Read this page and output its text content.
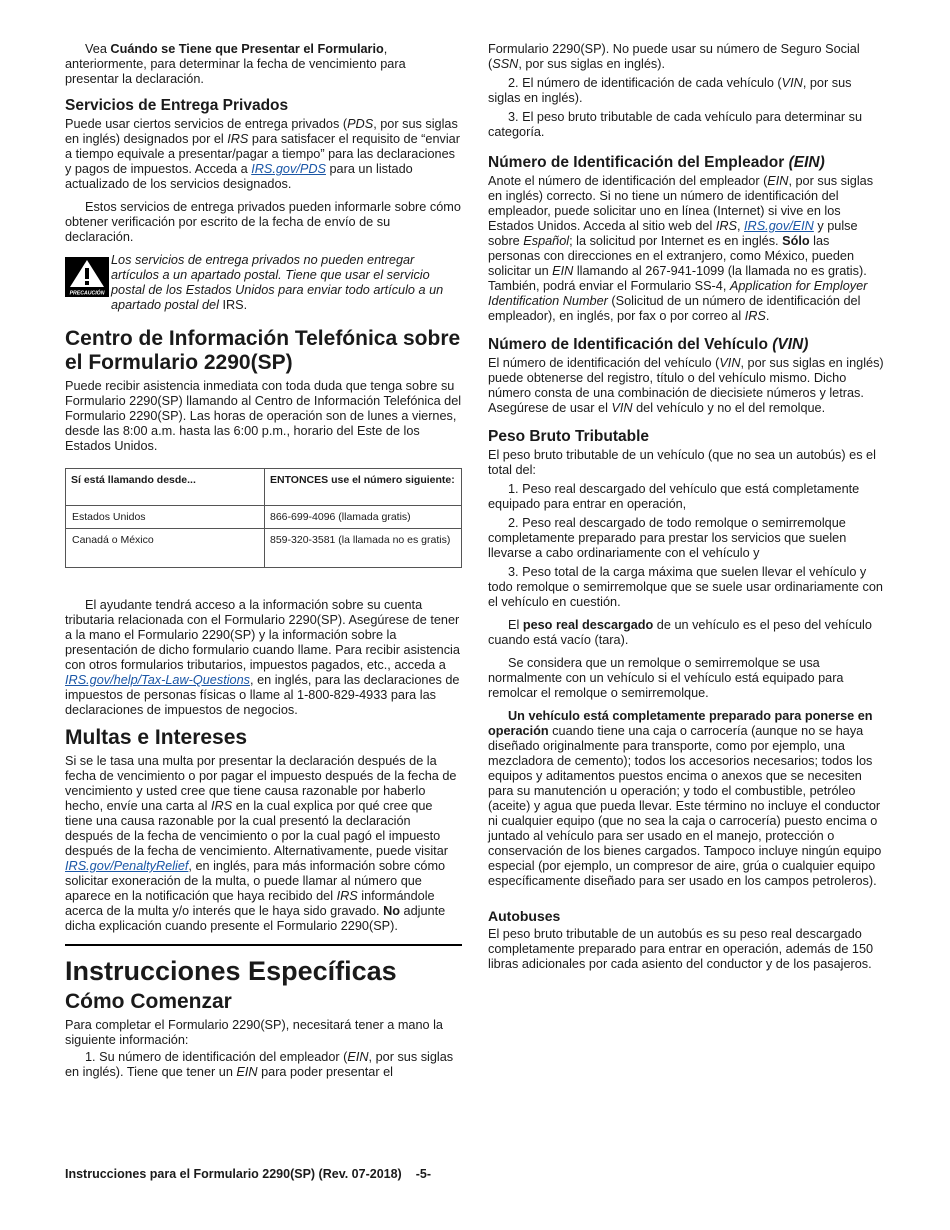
Vea Cuándo se Tiene que Presentar el Formulario, anteriormente, para determinar la fecha de vencimiento para presentar la declaración.

Servicios de Entrega Privados

Puede usar ciertos servicios de entrega privados (PDS, por sus siglas en inglés) designados por el IRS para satisfacer el requisito de “enviar a tiempo equivale a presentar/pagar a tiempo” para las declaraciones y pagos de impuestos. Acceda a IRS.gov/PDS para un listado actualizado de los servicios designados.

Estos servicios de entrega privados pueden informarle sobre cómo obtener verificación por escrito de la fecha de envío de su declaración.

PRECAUCIÓN
Los servicios de entrega privados no pueden entregar artículos a un apartado postal. Tiene que usar el servicio postal de los Estados Unidos para enviar todo artículo a un apartado postal del IRS.
Centro de Información Telefónica sobre el Formulario 2290(SP)

Puede recibir asistencia inmediata con toda duda que tenga sobre su Formulario 2290(SP) llamando al Centro de Información Telefónica del Formulario 2290(SP). Las horas de operación son de lunes a viernes, desde las 8:00 a.m. hasta las 6:00 p.m., horario del Este de los Estados Unidos.

Sí está llamando desde...	ENTONCES use el número siguiente:
Estados Unidos	866-699-4096 (llamada gratis)
Canadá o México	859-320-3581 (la llamada no es gratis)

El ayudante tendrá acceso a la información sobre su cuenta tributaria relacionada con el Formulario 2290(SP). Asegúrese de tener a la mano el Formulario 2290(SP) y la información sobre la presentación de dicho formulario cuando llame. Para recibir asistencia con otros formularios tributarios, impuestos pagados, etc., acceda a IRS.gov/help/Tax-Law-Questions, en inglés, para las declaraciones de impuestos de personas físicas o llame al 1-800-829-4933 para las declaraciones de impuestos de negocios.

Multas e Intereses

Si se le tasa una multa por presentar la declaración después de la fecha de vencimiento o por pagar el impuesto después de la fecha de vencimiento y usted cree que tiene causa razonable por haberlo hecho, envíe una carta al IRS en la cual explica por qué cree que tiene una causa razonable por la cual presentó la declaración después de la fecha de vencimiento o por la cual pagó el impuesto después de la fecha de vencimiento. Alternativamente, puede visitar IRS.gov/PenaltyRelief, en inglés, para más información sobre cómo solicitar exoneración de la multa, o puede llamar al número que aparece en la notificación que haya recibido del IRS informándole acerca de la multa y/o interés que le haya sido gravado. No adjunte dicha explicación cuando presente el Formulario 2290(SP).

Instrucciones Específicas
Cómo Comenzar

Para completar el Formulario 2290(SP), necesitará tener a mano la siguiente información:

1. Su número de identificación del empleador (EIN, por sus siglas en inglés). Tiene que tener un EIN para poder presentar el

Formulario 2290(SP). No puede usar su número de Seguro Social (SSN, por sus siglas en inglés).

2. El número de identificación de cada vehículo (VIN, por sus siglas en inglés).

3. El peso bruto tributable de cada vehículo para determinar su categoría.

Número de Identificación del Empleador (EIN)

Anote el número de identificación del empleador (EIN, por sus siglas en inglés) correcto. Si no tiene un número de identificación del empleador, puede solicitar uno en línea (Internet) si vive en los Estados Unidos. Acceda al sitio web del IRS, IRS.gov/EIN y pulse sobre Español; la solicitud por Internet es en inglés. Sólo las personas con direcciones en el extranjero, como México, pueden solicitar un EIN llamando al 267-941-1099 (la llamada no es gratis). También, podrá enviar el Formulario SS-4, Application for Employer Identification Number (Solicitud de un número de identificación del empleador), en inglés, por fax o por correo al IRS.

Número de Identificación del Vehículo (VIN)

El número de identificación del vehículo (VIN, por sus siglas en inglés) puede obtenerse del registro, título o del vehículo mismo. Dicho número consta de una combinación de diecisiete números y letras. Asegúrese de usar el VIN del vehículo y no el del remolque.

Peso Bruto Tributable

El peso bruto tributable de un vehículo (que no sea un autobús) es el total del:

1. Peso real descargado del vehículo que está completamente equipado para entrar en operación,

2. Peso real descargado de todo remolque o semirremolque completamente preparado para prestar los servicios que suelen llevarse a cabo ordinariamente con el vehículo y

3. Peso total de la carga máxima que suelen llevar el vehículo y todo remolque o semirremolque que se suele usar ordinariamente con el vehículo en cuestión.

El peso real descargado de un vehículo es el peso del vehículo cuando está vacío (tara).

Se considera que un remolque o semirremolque se usa normalmente con un vehículo si el vehículo está equipado para remolcar el remolque o semirremolque.

Un vehículo está completamente preparado para ponerse en operación cuando tiene una caja o carrocería (aunque no se haya diseñado originalmente para transporte, como por ejemplo, una mezcladora de cemento); todos los accesorios necesarios; todos los equipos y aditamentos puestos encima o anexos que se necesiten para su manutención u operación; y todo el combustible, petróleo (aceite) y agua que pueda llevar. Este término no incluye el conductor ni cualquier equipo (que no sea la caja o carrocería) puesto encima o juntado al vehículo para ser usado en el manejo, protección o conservación de los bienes cargados. Tampoco incluye ningún equipo especial (por ejemplo, un compresor de aire, grúa o cualquier equipo específicamente diseñado para ser usado en los campos petroleros).

Autobuses

El peso bruto tributable de un autobús es su peso real descargado completamente preparado para entrar en operación, además de 150 libras adicionales por cada asiento del conductor y de los pasajeros.

Instrucciones para el Formulario 2290(SP) (Rev. 07-2018) -5-
